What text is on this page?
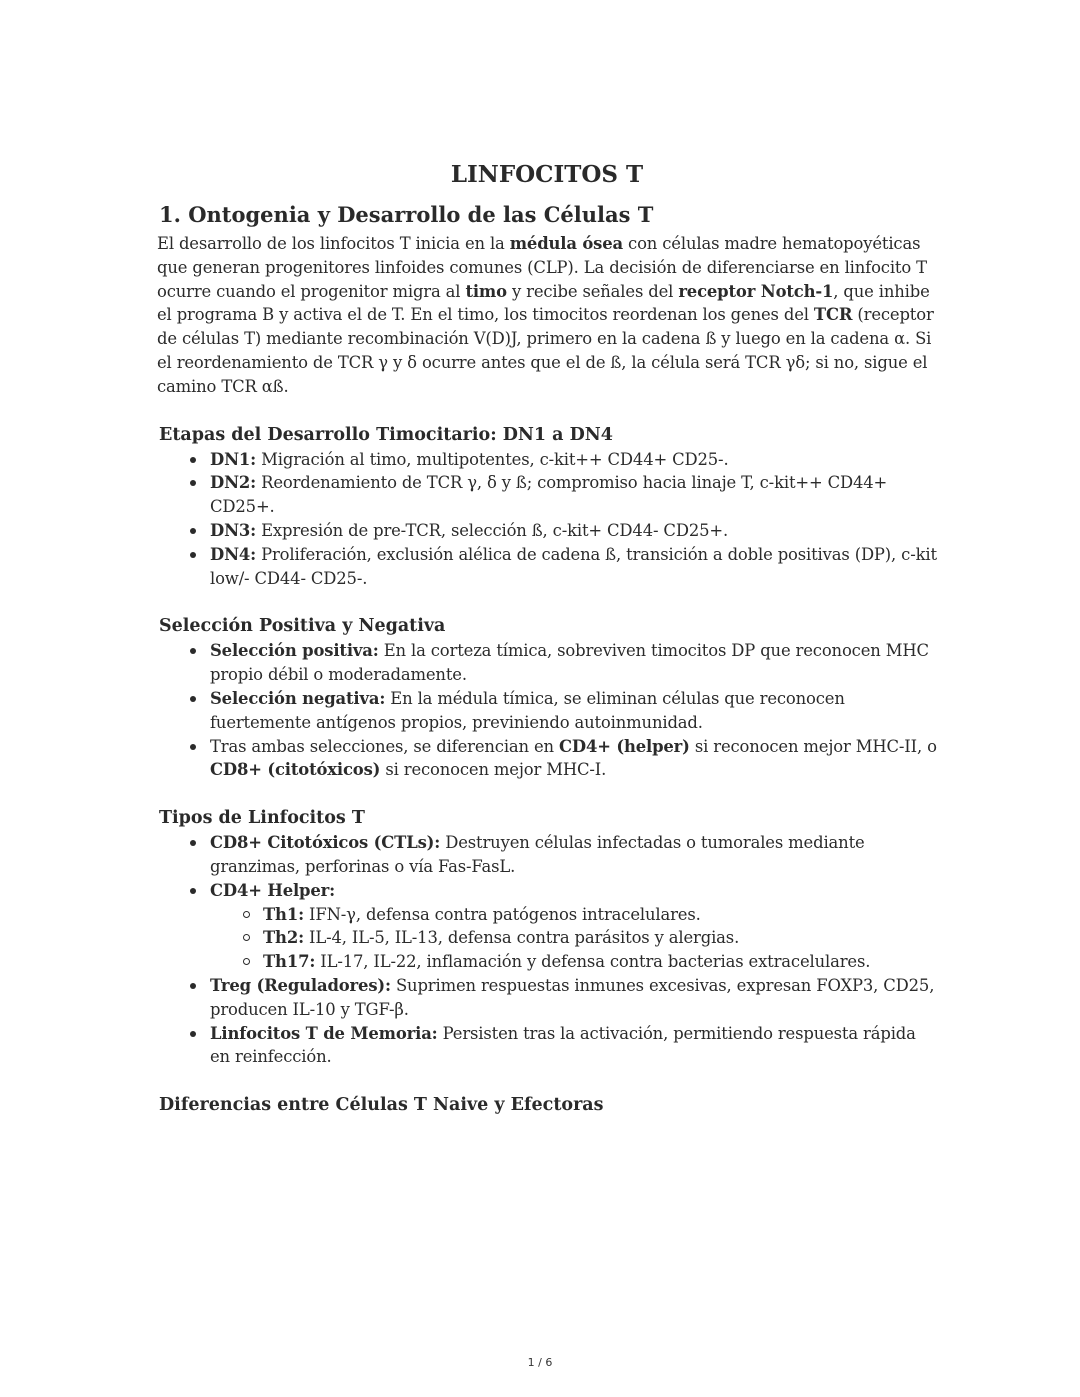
LINFOCITOS T
1. Ontogenia y Desarrollo de las Células T

El desarrollo de los linfocitos T inicia en la médula ósea con células madre hematopoyéticas que generan progenitores linfoides comunes (CLP). La decisión de diferenciarse en linfocito T ocurre cuando el progenitor migra al timo y recibe señales del receptor Notch-1, que inhibe el programa B y activa el de T. En el timo, los timocitos reordenan los genes del TCR (receptor de células T) mediante recombinación V(D)J, primero en la cadena ß y luego en la cadena α. Si el reordenamiento de TCR γ y δ ocurre antes que el de ß, la célula será TCR γδ; si no, sigue el camino TCR αß.

Etapas del Desarrollo Timocitario: DN1 a DN4
DN1: Migración al timo, multipotentes, c-kit++ CD44+ CD25-.
DN2: Reordenamiento de TCR γ, δ y ß; compromiso hacia linaje T, c-kit++ CD44+ CD25+.
DN3: Expresión de pre-TCR, selección ß, c-kit+ CD44- CD25+.
DN4: Proliferación, exclusión alélica de cadena ß, transición a doble positivas (DP), c-kit low/- CD44- CD25-.
Selección Positiva y Negativa
Selección positiva: En la corteza tímica, sobreviven timocitos DP que reconocen MHC propio débil o moderadamente.
Selección negativa: En la médula tímica, se eliminan células que reconocen fuertemente antígenos propios, previniendo autoinmunidad.
Tras ambas selecciones, se diferencian en CD4+ (helper) si reconocen mejor MHC-II, o CD8+ (citotóxicos) si reconocen mejor MHC-I.
Tipos de Linfocitos T
CD8+ Citotóxicos (CTLs): Destruyen células infectadas o tumorales mediante granzimas, perforinas o vía Fas-FasL.
CD4+ Helper:
Th1: IFN-γ, defensa contra patógenos intracelulares.
Th2: IL-4, IL-5, IL-13, defensa contra parásitos y alergias.
Th17: IL-17, IL-22, inflamación y defensa contra bacterias extracelulares.
Treg (Reguladores): Suprimen respuestas inmunes excesivas, expresan FOXP3, CD25, producen IL-10 y TGF-β.
Linfocitos T de Memoria: Persisten tras la activación, permitiendo respuesta rápida en reinfección.
Diferencias entre Células T Naive y Efectoras
1 / 6
